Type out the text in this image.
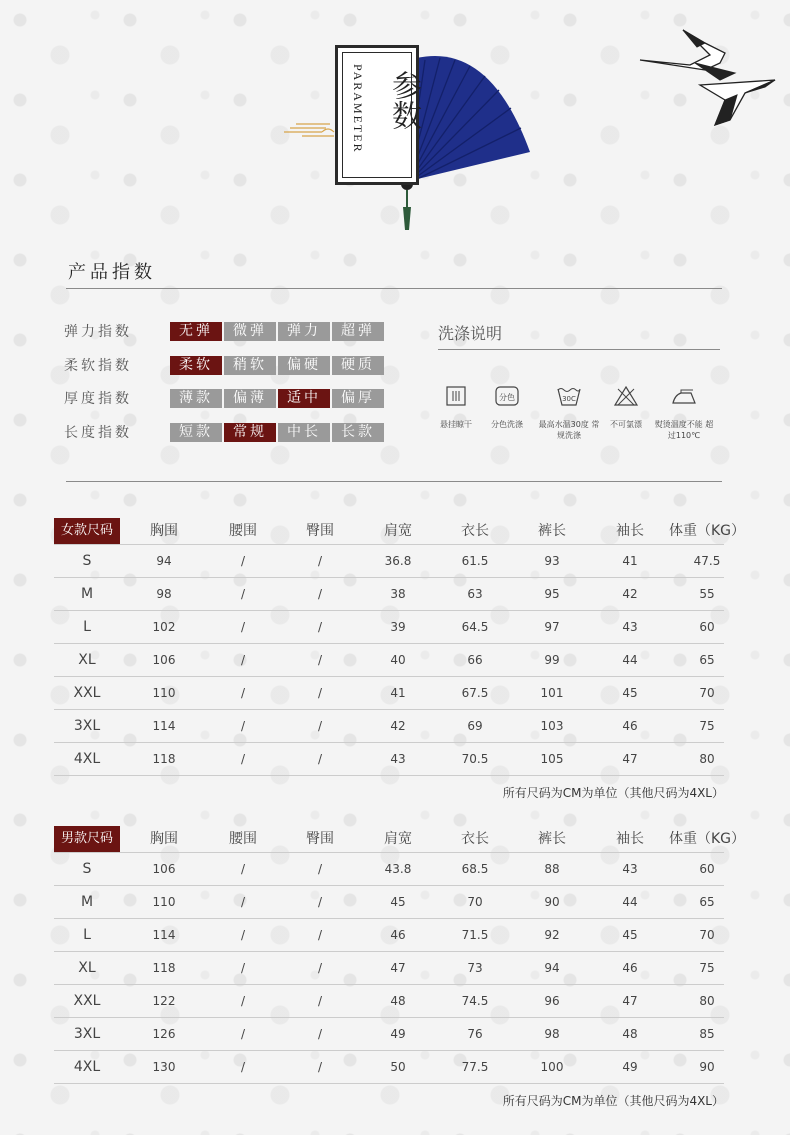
PARAMETER 参数
产品指数
弹力指数	无弹	微弹	弹力	超弹
柔软指数	柔软	稍软	偏硬	硬质
厚度指数	薄款	偏薄	适中	偏厚
长度指数	短款	常规	中长	长款
洗涤说明
悬挂晾干
分色
分色洗涤
30C
最高水温30度 常规洗涤
不可氯漂	熨烫温度不能 超过110℃
女款尺码	胸围	腰围	臀围	肩宽	衣长	裤长	袖长	体重（KG）
S	94	/	/	36.8	61.5	93	41	47.5
M	98	/	/	38	63	95	42	55
L	102	/	/	39	64.5	97	43	60
XL	106	/	/	40	66	99	44	65
XXL	110	/	/	41	67.5	101	45	70
3XL	114	/	/	42	69	103	46	75
4XL	118	/	/	43	70.5	105	47	80
所有尺码为CM为单位（其他尺码为4XL）
男款尺码	胸围	腰围	臀围	肩宽	衣长	裤长	袖长	体重（KG）
S	106	/	/	43.8	68.5	88	43	60
M	110	/	/	45	70	90	44	65
L	114	/	/	46	71.5	92	45	70
XL	118	/	/	47	73	94	46	75
XXL	122	/	/	48	74.5	96	47	80
3XL	126	/	/	49	76	98	48	85
4XL	130	/	/	50	77.5	100	49	90
所有尺码为CM为单位（其他尺码为4XL）
